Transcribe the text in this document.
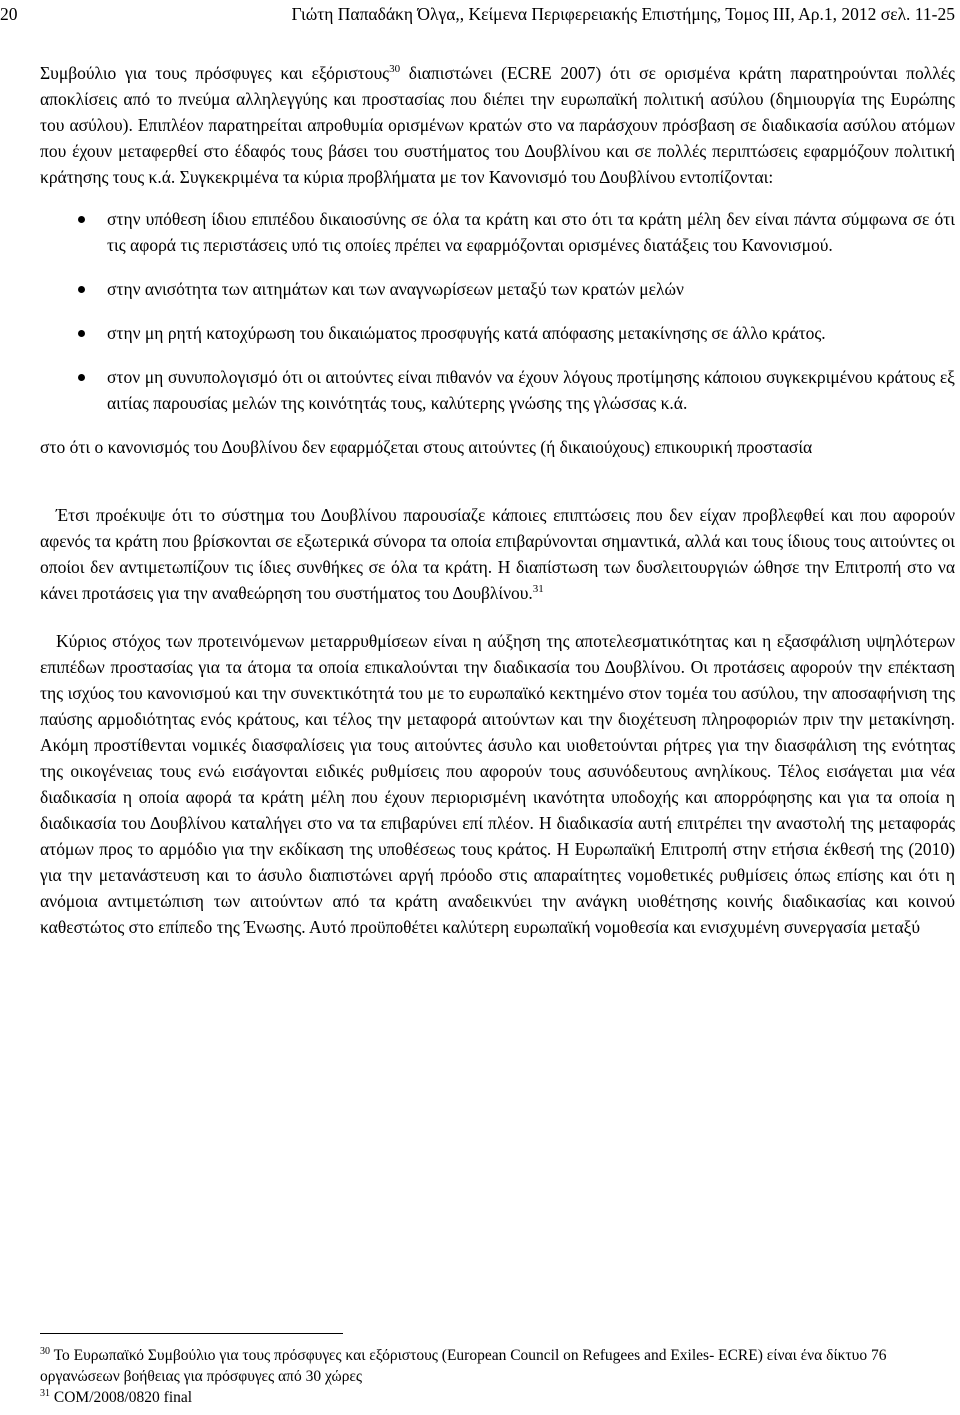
20	Γιώτη Παπαδάκη Όλγα,, Κείμενα Περιφερειακής Επιστήμης, Τομος ΙΙΙ, Αρ.1, 2012 σελ. 11-25

Συμβούλιο για τους πρόσφυγες και εξόριστους$^{30}$ διαπιστώνει (ECRE 2007) ότι σε ορισμένα κράτη παρατηρούνται πολλές αποκλίσεις από το πνεύμα αλληλεγγύης και προστασίας που διέπει την ευρωπαϊκή πολιτική ασύλου (δημιουργία της Ευρώπης του ασύλου). Επιπλέον παρατηρείται απροθυμία ορισμένων κρατών στο να παράσχουν πρόσβαση σε διαδικασία ασύλου ατόμων που έχουν μεταφερθεί στο έδαφός τους βάσει του συστήματος του Δουβλίνου και σε πολλές περιπτώσεις εφαρμόζουν πολιτική κράτησης τους κ.ά. Συγκεκριμένα τα κύρια προβλήματα με τον Κανονισμό του Δουβλίνου εντοπίζονται:

στην υπόθεση ίδιου επιπέδου δικαιοσύνης σε όλα τα κράτη και στο ότι τα κράτη μέλη δεν είναι πάντα σύμφωνα σε ότι τις αφορά τις περιστάσεις υπό τις οποίες πρέπει να εφαρμόζονται ορισμένες διατάξεις του Κανονισμού.
στην ανισότητα των αιτημάτων και των αναγνωρίσεων μεταξύ των κρατών μελών
στην μη ρητή κατοχύρωση του δικαιώματος προσφυγής κατά απόφασης μετακίνησης σε άλλο κράτος.
στον μη συνυπολογισμό ότι οι αιτούντες είναι πιθανόν να έχουν λόγους προτίμησης κάποιου συγκεκριμένου κράτους εξ αιτίας παρουσίας μελών της κοινότητάς τους, καλύτερης γνώσης της γλώσσας κ.ά.

στο ότι ο κανονισμός του Δουβλίνου δεν εφαρμόζεται στους αιτούντες (ή δικαιούχους) επικουρική προστασία

Έτσι προέκυψε ότι το σύστημα του Δουβλίνου παρουσίαζε κάποιες επιπτώσεις που δεν είχαν προβλεφθεί και που αφορούν αφενός τα κράτη που βρίσκονται σε εξωτερικά σύνορα τα οποία επιβαρύνονται σημαντικά, αλλά και τους ίδιους τους αιτούντες οι οποίοι δεν αντιμετωπίζουν τις ίδιες συνθήκες σε όλα τα κράτη. Η διαπίστωση των δυσλειτουργιών ώθησε την Επιτροπή στο να κάνει προτάσεις για την αναθεώρηση του συστήματος του Δουβλίνου.$^{31}$

Κύριος στόχος των προτεινόμενων μεταρρυθμίσεων είναι η αύξηση της αποτελεσματικότητας και η εξασφάλιση υψηλότερων επιπέδων προστασίας για τα άτομα τα οποία επικαλούνται την διαδικασία του Δουβλίνου. Οι προτάσεις αφορούν την επέκταση της ισχύος του κανονισμού και την συνεκτικότητά του με το ευρωπαϊκό κεκτημένο στον τομέα του ασύλου, την αποσαφήνιση της παύσης αρμοδιότητας ενός κράτους, και τέλος την μεταφορά αιτούντων και την διοχέτευση πληροφοριών πριν την μετακίνηση. Ακόμη προστίθενται νομικές διασφαλίσεις για τους αιτούντες άσυλο και υιοθετούνται ρήτρες για την διασφάλιση της ενότητας της οικογένειας τους ενώ εισάγονται ειδικές ρυθμίσεις που αφορούν τους ασυνόδευτους ανηλίκους. Τέλος εισάγεται μια νέα διαδικασία η οποία αφορά τα κράτη μέλη που έχουν περιορισμένη ικανότητα υποδοχής και απορρόφησης και για τα οποία η διαδικασία του Δουβλίνου καταλήγει στο να τα επιβαρύνει επί πλέον. Η διαδικασία αυτή επιτρέπει την αναστολή της μεταφοράς ατόμων προς το αρμόδιο για την εκδίκαση της υποθέσεως τους κράτος. Η Ευρωπαϊκή Επιτροπή στην ετήσια έκθεσή της (2010) για την μετανάστευση και το άσυλο διαπιστώνει αργή πρόοδο στις απαραίτητες νομοθετικές ρυθμίσεις όπως επίσης και ότι η ανόμοια αντιμετώπιση των αιτούντων από τα κράτη αναδεικνύει την ανάγκη υιοθέτησης κοινής διαδικασίας και κοινού καθεστώτος στο επίπεδο της Ένωσης. Αυτό προϋποθέτει καλύτερη ευρωπαϊκή νομοθεσία και ενισχυμένη συνεργασία μεταξύ

$^{30}$ Το Ευρωπαϊκό Συμβούλιο για τους πρόσφυγες και εξόριστους (European Council on Refugees and Exiles- ECRE) είναι ένα δίκτυο 76 οργανώσεων βοήθειας για πρόσφυγες από 30 χώρες

$^{31}$ COM/2008/0820 final
